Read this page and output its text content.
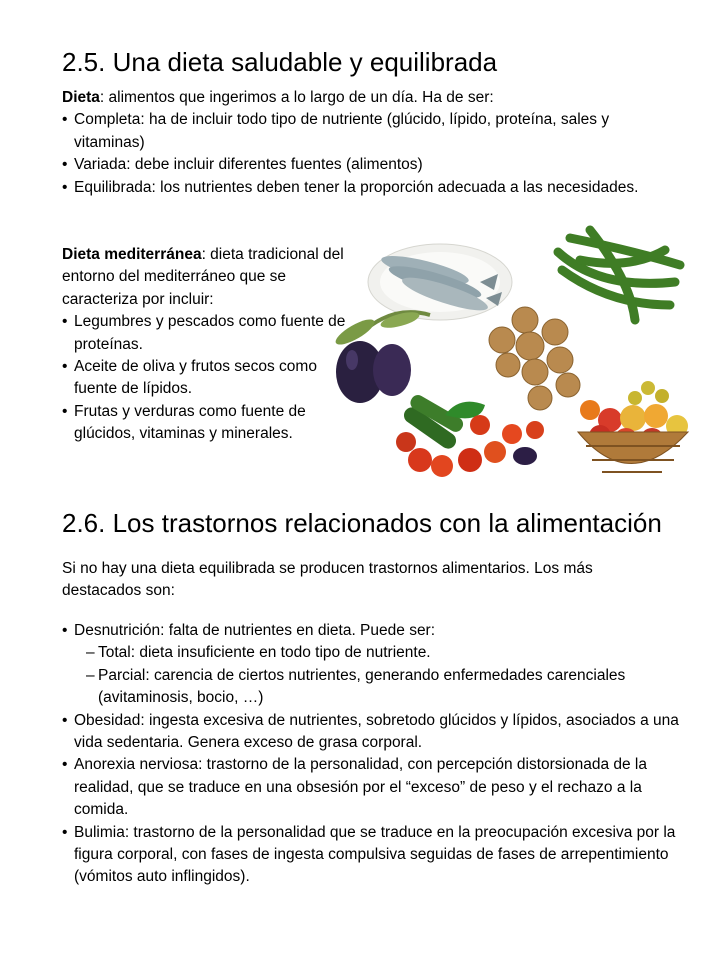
2.5. Una dieta saludable y equilibrada
Dieta: alimentos que ingerimos a lo largo de un día. Ha de ser:
• Completa: ha de incluir todo tipo de nutriente (glúcido, lípido, proteína, sales y vitaminas)
• Variada: debe incluir diferentes fuentes (alimentos)
• Equilibrada: los nutrientes deben tener la proporción adecuada a las necesidades.
Dieta mediterránea: dieta tradicional del entorno del mediterráneo que se caracteriza por incluir:
• Legumbres y pescados como fuente de proteínas.
• Aceite de oliva y frutos secos como fuente de lípidos.
• Frutas y verduras como fuente de glúcidos, vitaminas y minerales.
2.6. Los trastornos relacionados con la alimentación
Si no hay una dieta equilibrada se producen trastornos alimentarios. Los más destacados son:
• Desnutrición: falta de nutrientes en dieta. Puede ser:
– Total: dieta insuficiente en todo tipo de nutriente.
– Parcial: carencia de ciertos nutrientes, generando enfermedades carenciales (avitaminosis, bocio, …)
• Obesidad: ingesta excesiva de nutrientes, sobretodo glúcidos y lípidos, asociados a una vida sedentaria. Genera exceso de grasa corporal.
• Anorexia nerviosa: trastorno de la personalidad, con percepción distorsionada de la realidad, que se traduce en una obsesión por el “exceso” de peso y el rechazo a la comida.
• Bulimia: trastorno de la personalidad que se traduce en la preocupación excesiva por la figura corporal, con fases de ingesta compulsiva seguidas de fases de arrepentimiento (vómitos auto inflingidos).
